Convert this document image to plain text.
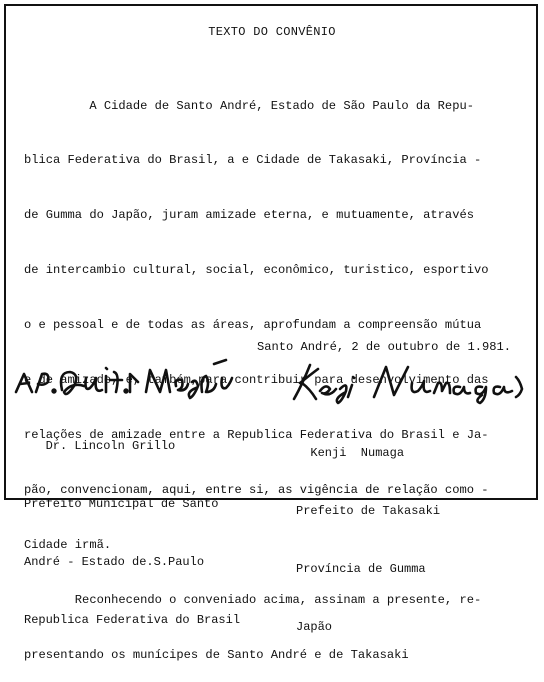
TEXTO DO CONVÊNIO

A Cidade de Santo André, Estado de São Paulo da Repu-

blica Federativa do Brasil, a e Cidade de Takasaki, Província -

de Gumma do Japão, juram amizade eterna, e mutuamente, através

de intercambio cultural, social, econômico, turistico, esportivo

o e pessoal e de todas as áreas, aprofundam a compreensão mútua

e de amizade, e, também,para contribuir para desenvolvimento das

relações de amizade entre a Republica Federativa do Brasil e Ja-

pão, convencionam, aqui, entre si, as vigência de relação como -

Cidade irmã.

Reconhecendo o conveniado acima, assinam a presente, re-

presentando os munícipes de Santo André e de Takasaki

Santo André, 2 de outubro de 1.981.

Dr. Lincoln Grillo

Prefeito Municipal de Santo

André - Estado de.S.Paulo

Republica Federativa do Brasil

Kenji  Numaga

Prefeito de Takasaki

Província de Gumma

Japão
